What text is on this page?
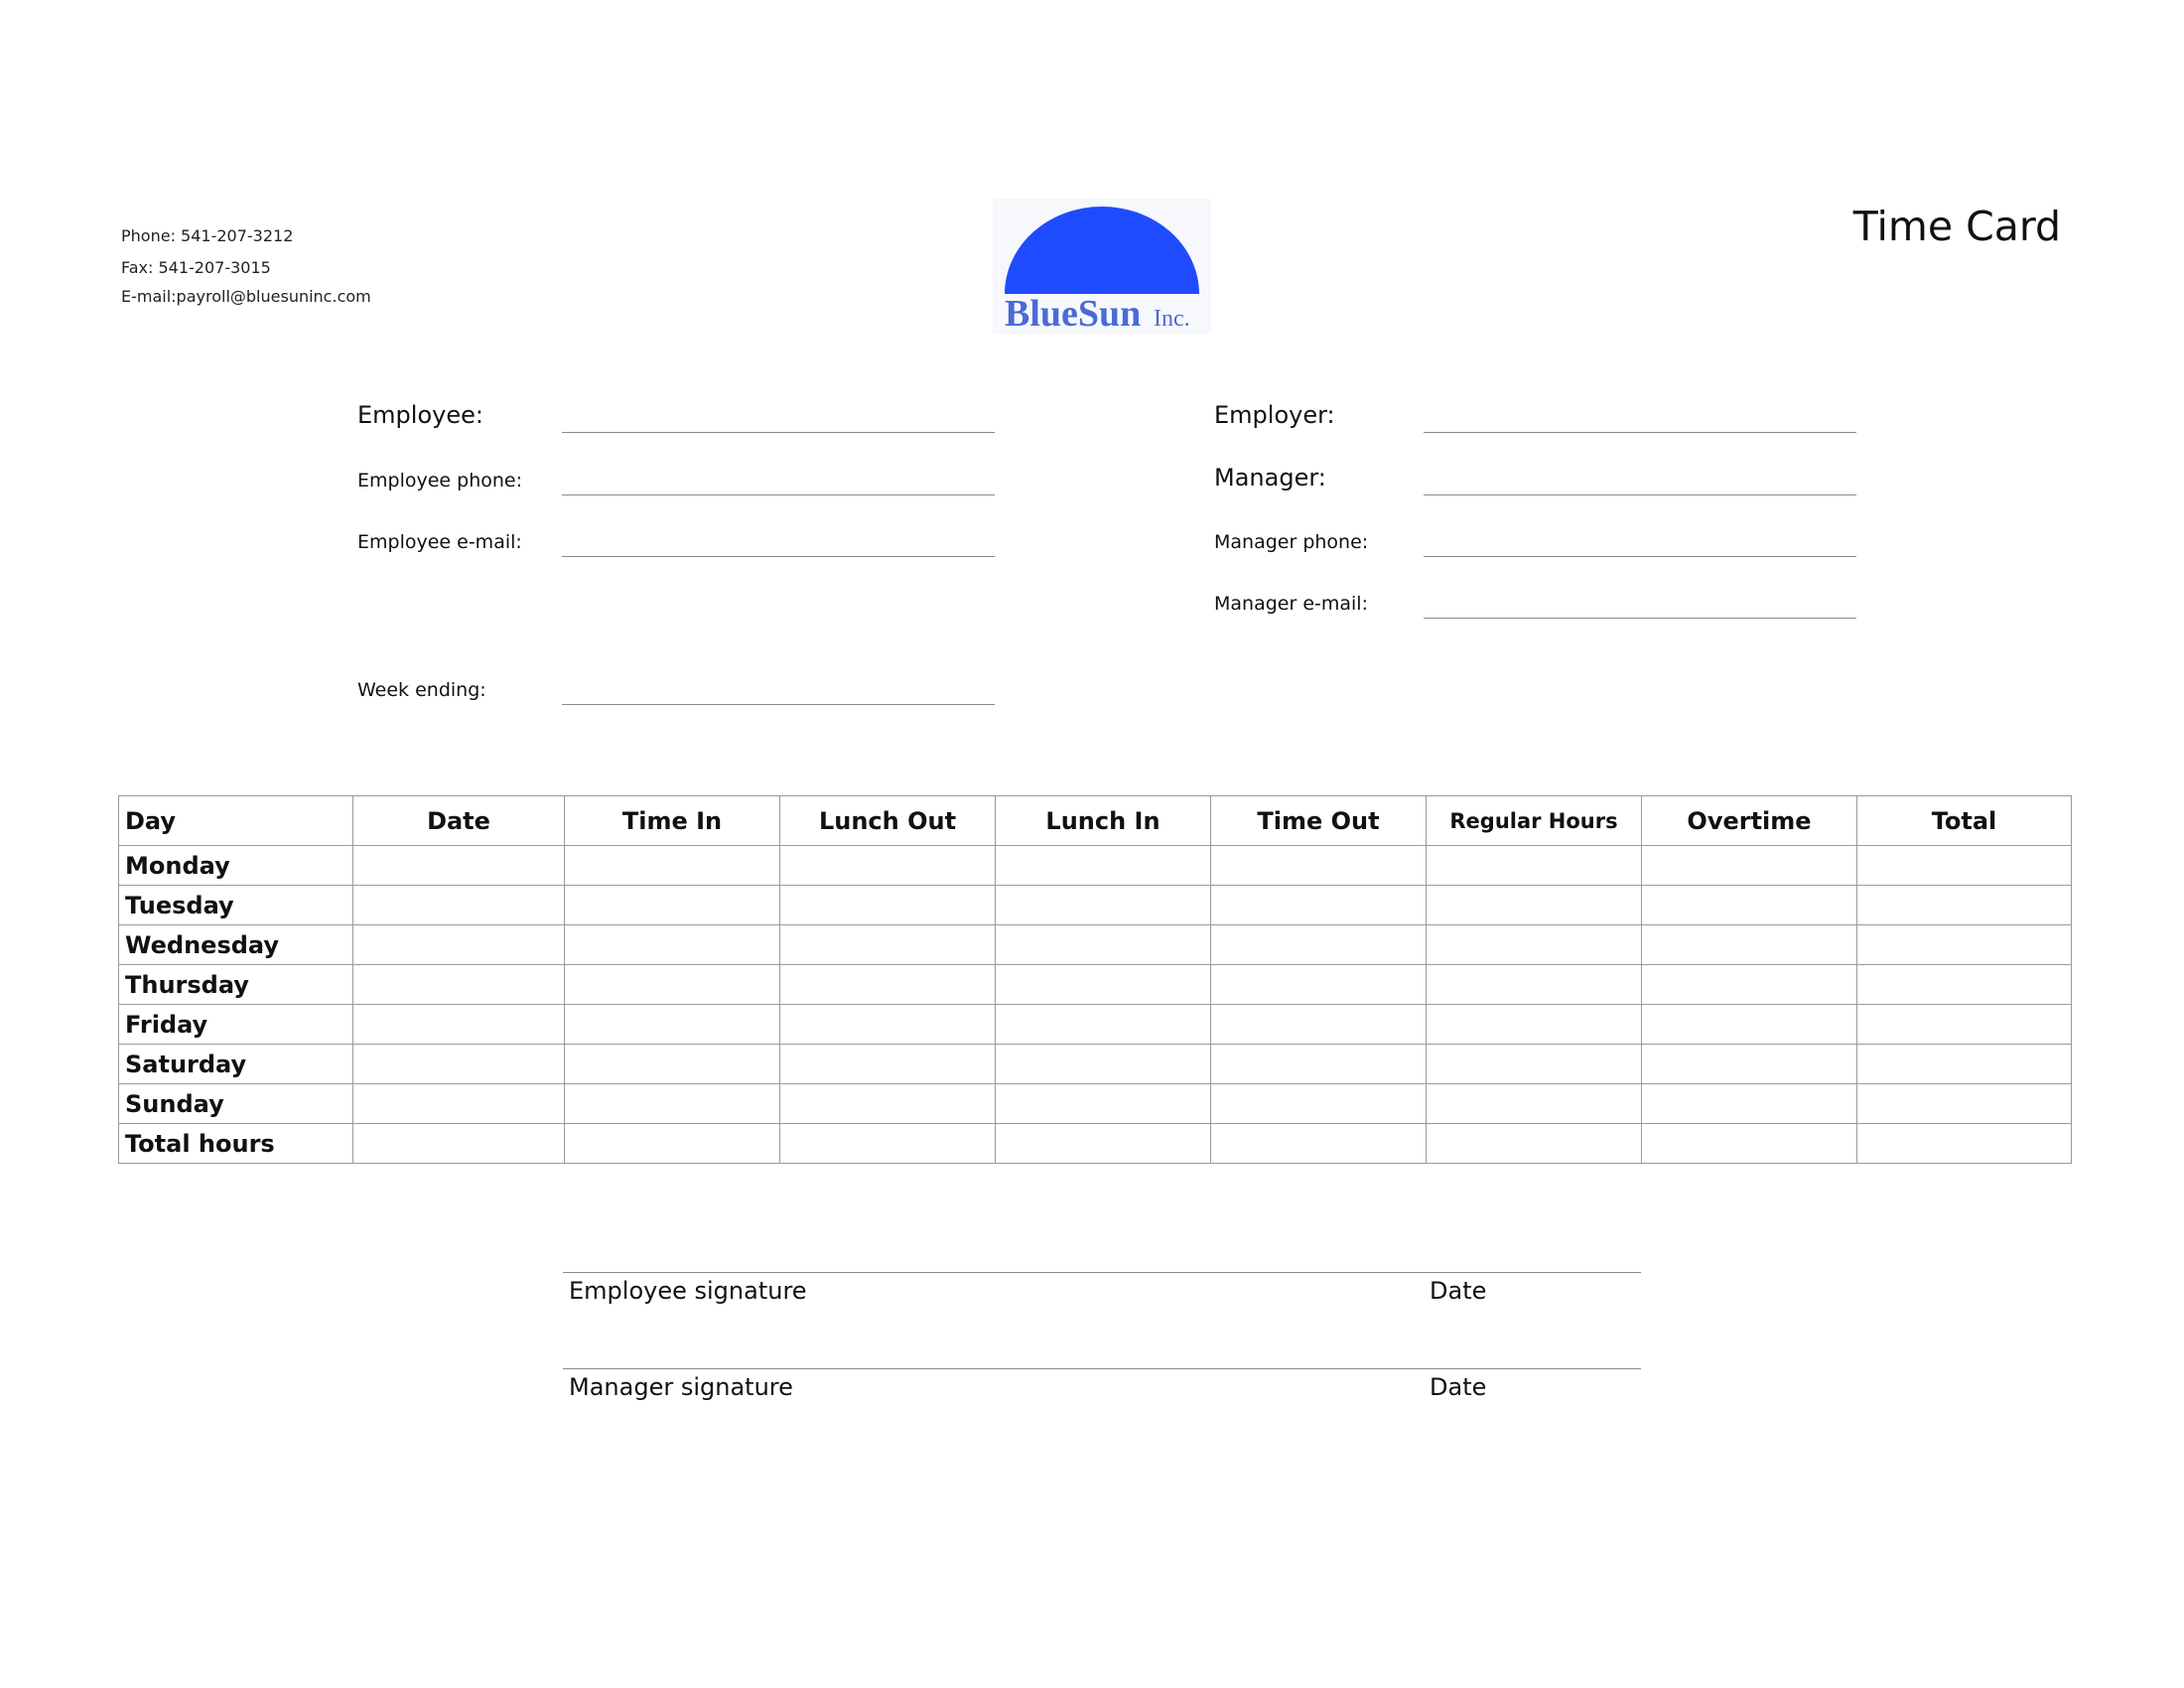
Phone: 541-207-3212
Fax: 541-207-3015
E-mail:payroll@bluesuninc.com	BlueSun Inc.
Time Card
Employee:
Employee phone:
Employee e-mail:
Week ending:
Employer:
Manager:
Manager phone:
Manager e-mail:
Day	Date	Time In	Lunch Out	Lunch In	Time Out	Regular Hours	Overtime	Total
Monday								
Tuesday								
Wednesday								
Thursday								
Friday								
Saturday								
Sunday								
Total hours								
Employee signature	Date
Manager signature	Date
